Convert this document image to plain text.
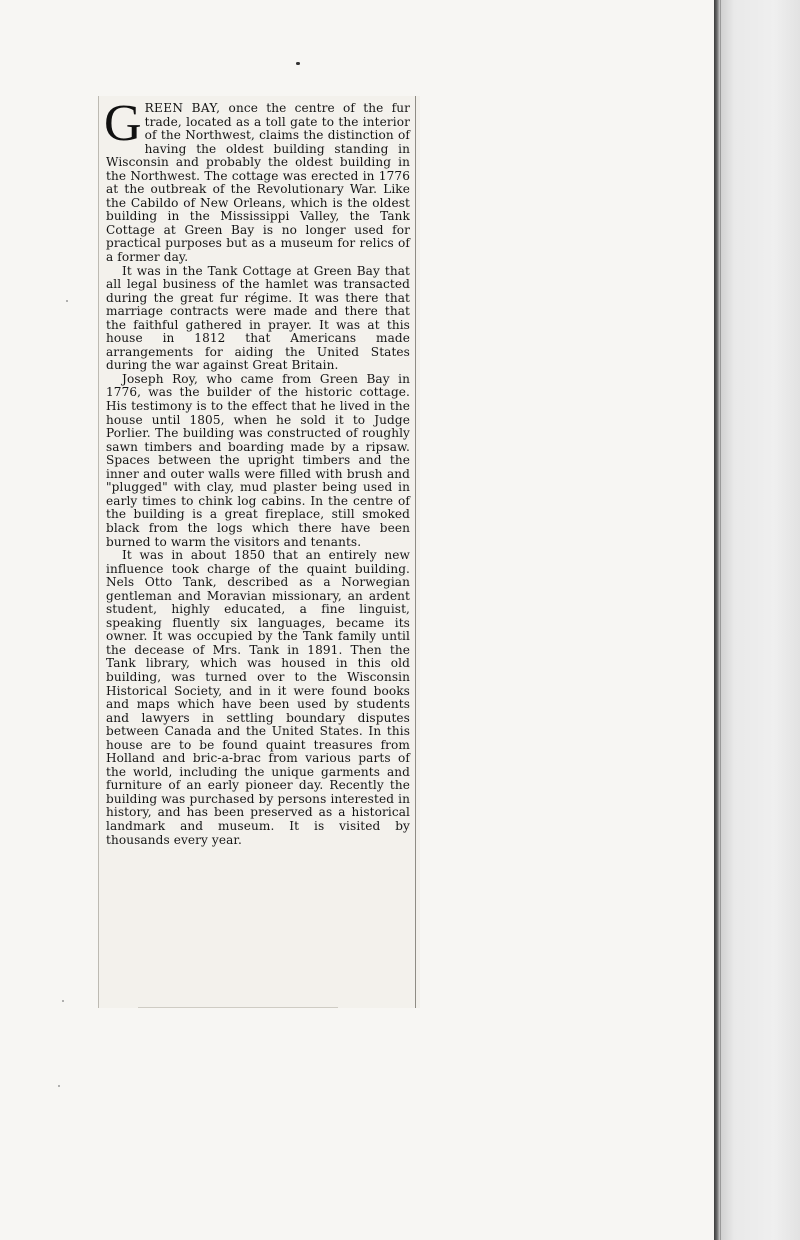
GREEN BAY, once the centre of the fur trade, located as a toll gate to the interior of the Northwest, claims the distinction of having the oldest building standing in Wisconsin and probably the oldest building in the Northwest. The cottage was erected in 1776 at the outbreak of the Revolutionary War. Like the Cabildo of New Orleans, which is the oldest building in the Mississippi Valley, the Tank Cottage at Green Bay is no longer used for practical purposes but as a museum for relics of a former day.

It was in the Tank Cottage at Green Bay that all legal business of the hamlet was transacted during the great fur régime. It was there that marriage contracts were made and there that the faithful gathered in prayer. It was at this house in 1812 that Americans made arrangements for aiding the United States during the war against Great Britain.

Joseph Roy, who came from Green Bay in 1776, was the builder of the historic cottage. His testimony is to the effect that he lived in the house until 1805, when he sold it to Judge Porlier. The building was constructed of roughly sawn timbers and boarding made by a ripsaw. Spaces between the upright timbers and the inner and outer walls were filled with brush and "plugged" with clay, mud plaster being used in early times to chink log cabins. In the centre of the building is a great fireplace, still smoked black from the logs which there have been burned to warm the visitors and tenants.

It was in about 1850 that an entirely new influence took charge of the quaint building. Nels Otto Tank, described as a Norwegian gentleman and Moravian missionary, an ardent student, highly educated, a fine linguist, speaking fluently six languages, became its owner. It was occupied by the Tank family until the decease of Mrs. Tank in 1891. Then the Tank library, which was housed in this old building, was turned over to the Wisconsin Historical Society, and in it were found books and maps which have been used by students and lawyers in settling boundary disputes between Canada and the United States. In this house are to be found quaint treasures from Holland and bric-a-brac from various parts of the world, including the unique garments and furniture of an early pioneer day. Recently the building was purchased by persons interested in history, and has been preserved as a historical landmark and museum. It is visited by thousands every year.
